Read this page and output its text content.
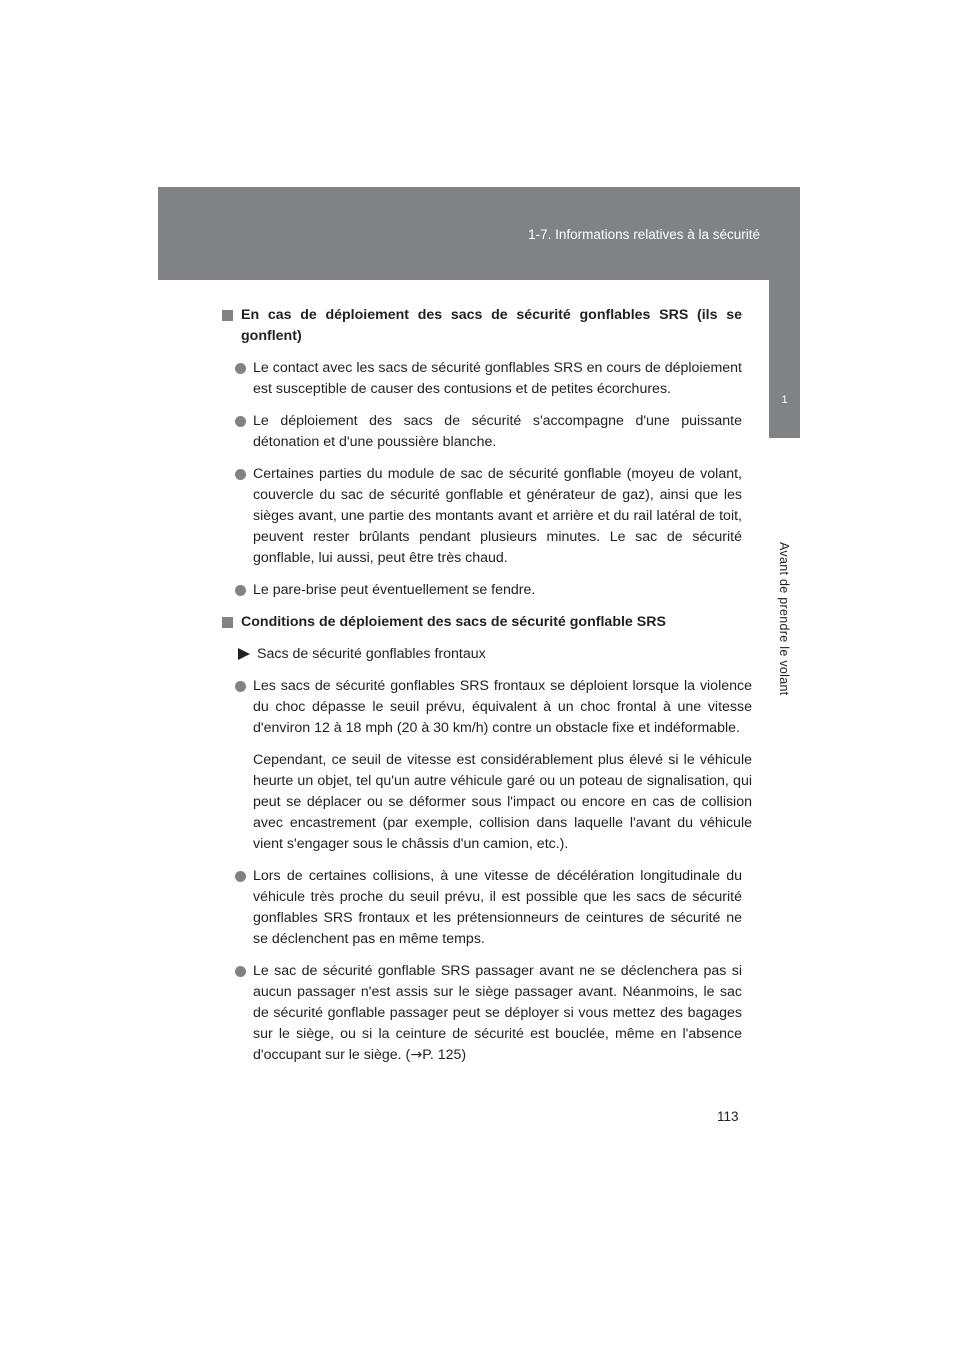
1-7. Informations relatives à la sécurité
1
Avant de prendre le volant
En cas de déploiement des sacs de sécurité gonflables SRS (ils se gonflent)
Le contact avec les sacs de sécurité gonflables SRS en cours de déploiement est susceptible de causer des contusions et de petites écorchures.
Le déploiement des sacs de sécurité s'accompagne d'une puissante détonation et d'une poussière blanche.
Certaines parties du module de sac de sécurité gonflable (moyeu de volant, couvercle du sac de sécurité gonflable et générateur de gaz), ainsi que les sièges avant, une partie des montants avant et arrière et du rail latéral de toit, peuvent rester brûlants pendant plusieurs minutes. Le sac de sécurité gonflable, lui aussi, peut être très chaud.
Le pare-brise peut éventuellement se fendre.
Conditions de déploiement des sacs de sécurité gonflable SRS
Sacs de sécurité gonflables frontaux
Les sacs de sécurité gonflables SRS frontaux se déploient lorsque la violence du choc dépasse le seuil prévu, équivalent à un choc frontal à une vitesse d'environ 12 à 18 mph (20 à 30 km/h) contre un obstacle fixe et indéformable.
Cependant, ce seuil de vitesse est considérablement plus élevé si le véhicule heurte un objet, tel qu'un autre véhicule garé ou un poteau de signalisation, qui peut se déplacer ou se déformer sous l'impact ou encore en cas de collision avec encastrement (par exemple, collision dans laquelle l'avant du véhicule vient s'engager sous le châssis d'un camion, etc.).
Lors de certaines collisions, à une vitesse de décélération longitudinale du véhicule très proche du seuil prévu, il est possible que les sacs de sécurité gonflables SRS frontaux et les prétensionneurs de ceintures de sécurité ne se déclenchent pas en même temps.
Le sac de sécurité gonflable SRS passager avant ne se déclenchera pas si aucun passager n'est assis sur le siège passager avant. Néanmoins, le sac de sécurité gonflable passager peut se déployer si vous mettez des bagages sur le siège, ou si la ceinture de sécurité est bouclée, même en l'absence d'occupant sur le siège. (→P. 125)
113
